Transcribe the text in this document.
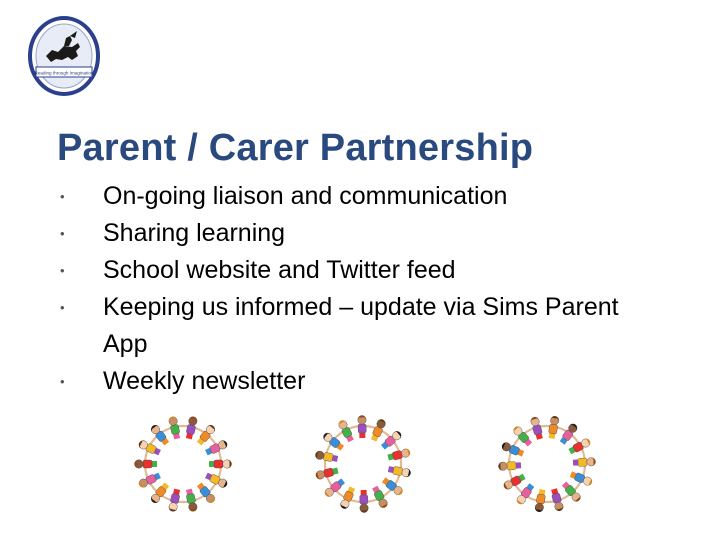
Reading through Imagination
Parent / Carer Partnership
• On-going liaison and communication
• Sharing learning
• School website and Twitter feed
• Keeping us informed – update via Sims Parent App
• Weekly newsletter
